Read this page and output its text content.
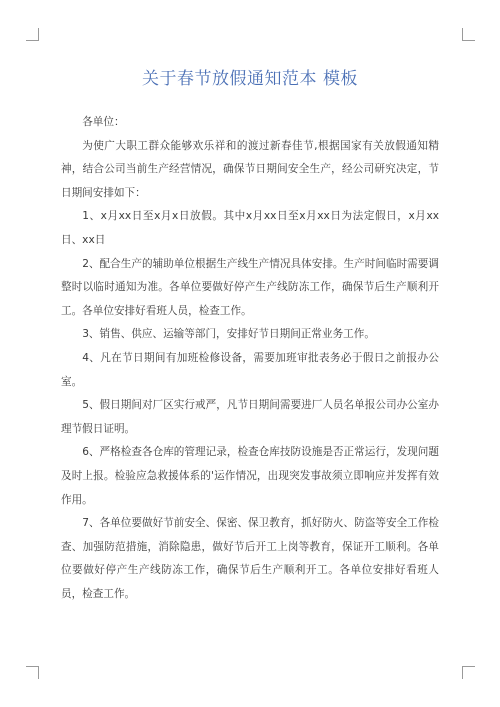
关于春节放假通知范本 模板

各单位：

为使广大职工群众能够欢乐祥和的渡过新春佳节,根据国家有关放假通知精神，结合公司当前生产经营情况，确保节日期间安全生产，经公司研究决定，节日期间安排如下：

1、x月xx日至x月x日放假。其中x月xx日至x月xx日为法定假日，x月xx日、xx日

2、配合生产的辅助单位根据生产线生产情况具体安排。生产时间临时需要调整时以临时通知为准。各单位要做好停产生产线防冻工作，确保节后生产顺利开工。各单位安排好看班人员，检查工作。

3、销售、供应、运输等部门，安排好节日期间正常业务工作。

4、凡在节日期间有加班检修设备，需要加班审批表务必于假日之前报办公室。

5、假日期间对厂区实行戒严，凡节日期间需要进厂人员名单报公司办公室办理节假日证明。

6、严格检查各仓库的管理记录，检查仓库技防设施是否正常运行，发现问题及时上报。检验应急救援体系的'运作情况，出现突发事故须立即响应并发挥有效作用。

7、各单位要做好节前安全、保密、保卫教育，抓好防火、防盗等安全工作检查、加强防范措施，消除隐患，做好节后开工上岗等教育，保证开工顺利。各单位要做好停产生产线防冻工作，确保节后生产顺利开工。各单位安排好看班人员，检查工作。
